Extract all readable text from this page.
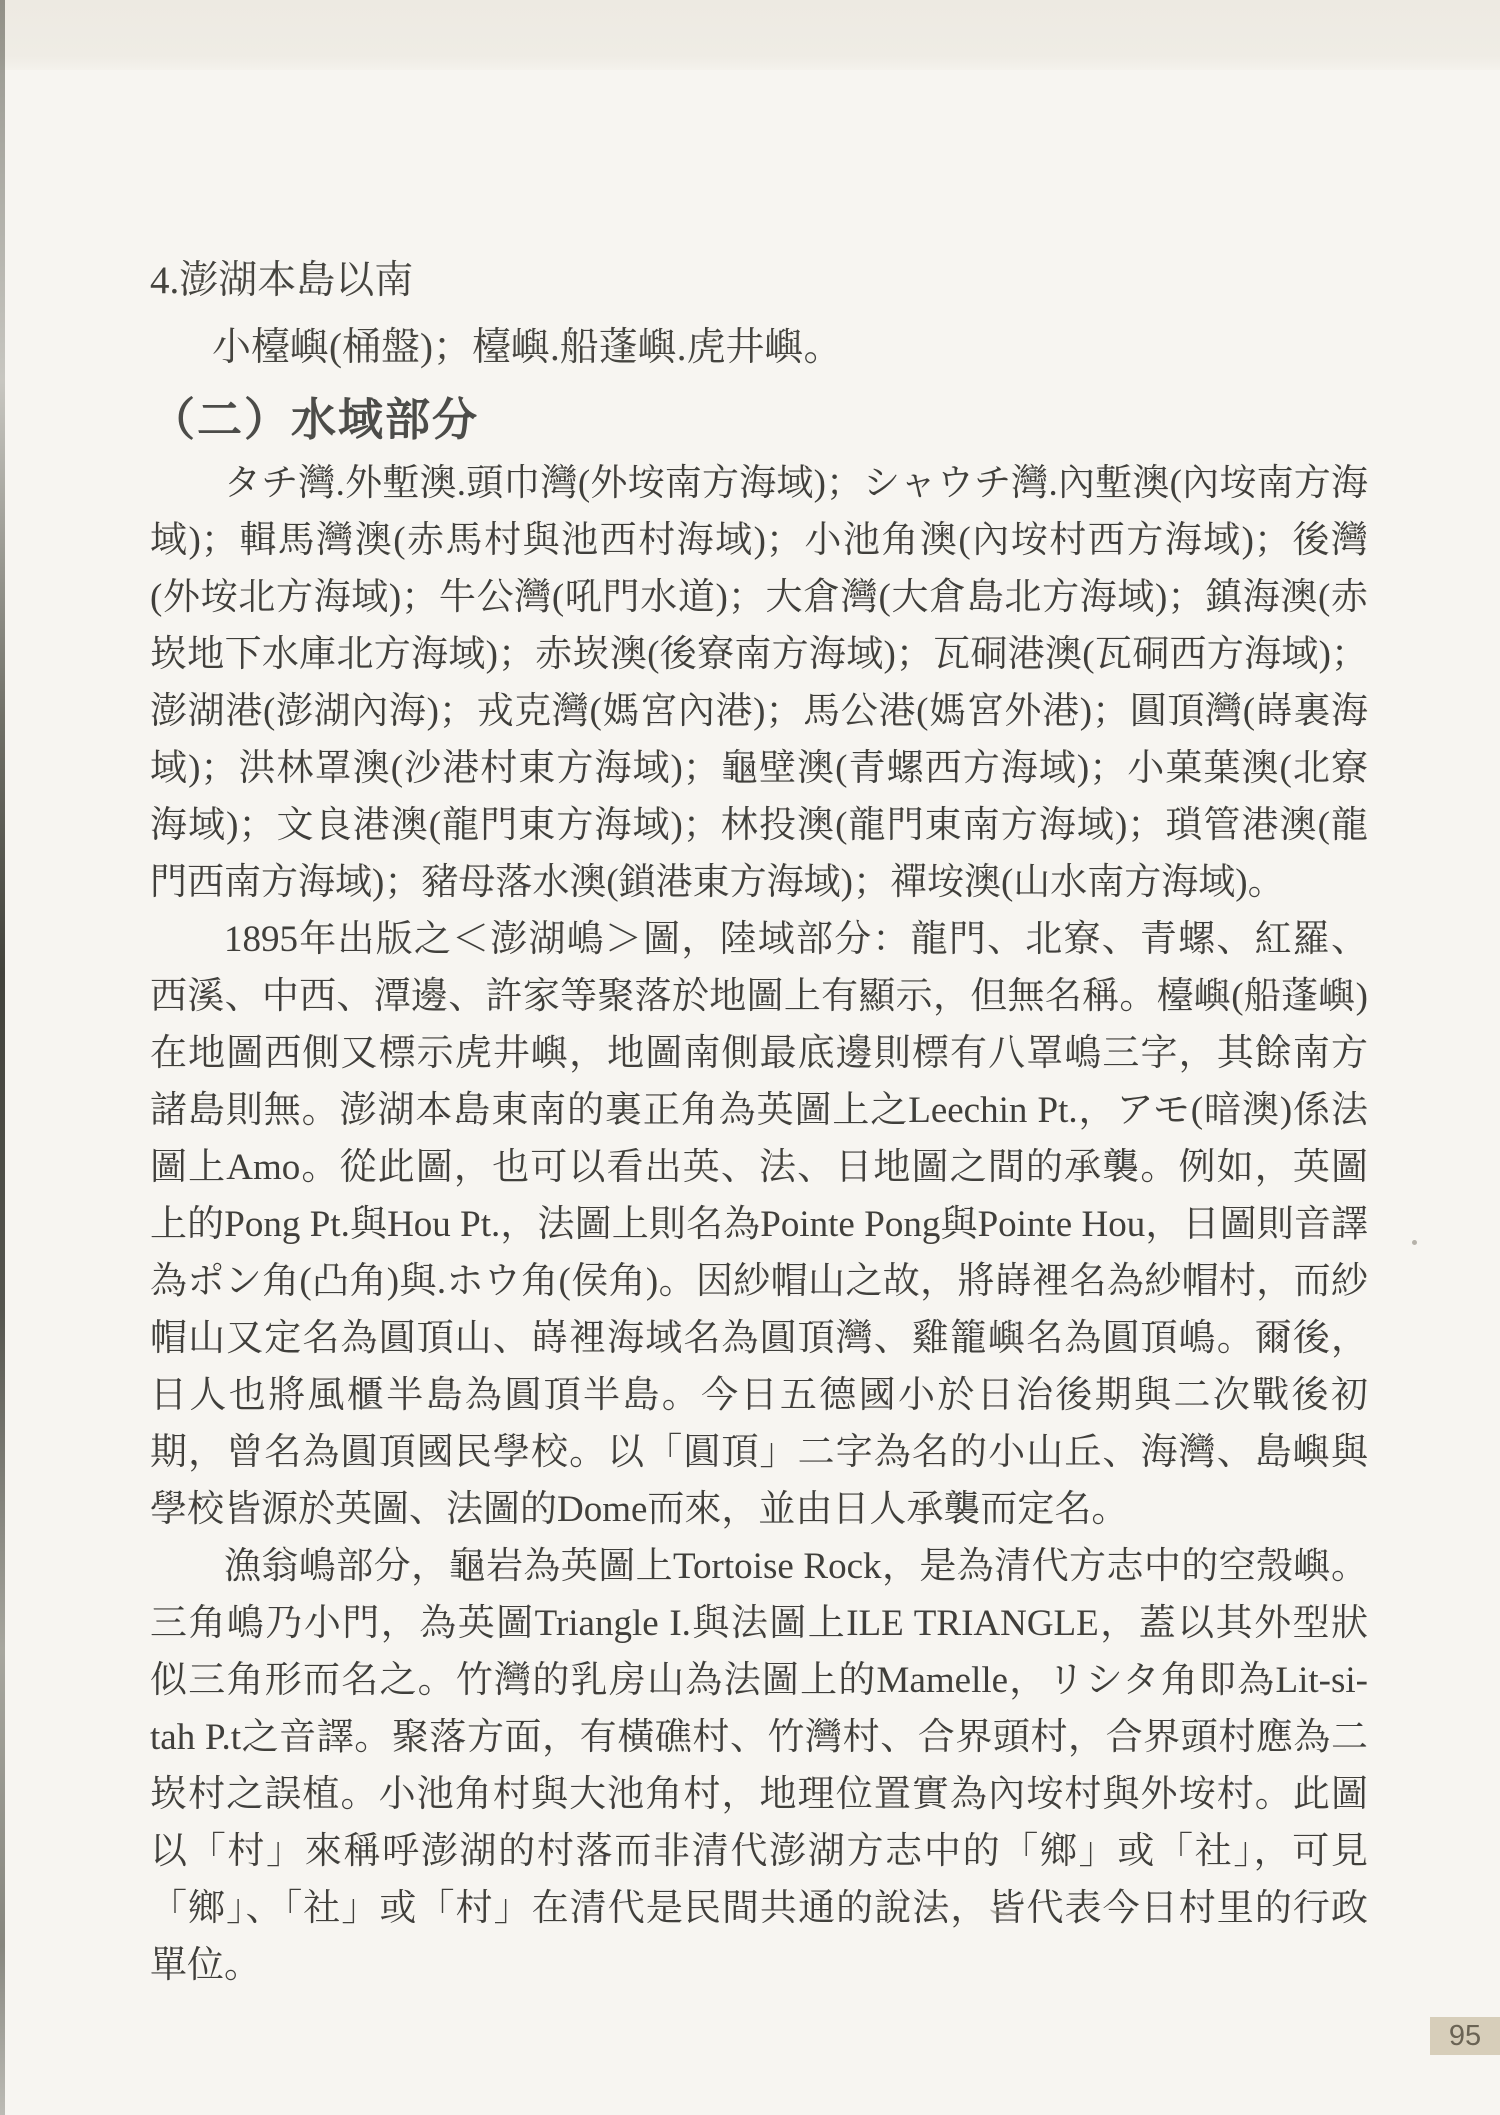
4.澎湖本島以南
小檯嶼(桶盤)；檯嶼.船蓬嶼.虎井嶼。
（二）水域部分
タチ灣.外塹澳.頭巾灣(外垵南方海域)；シャウチ灣.內塹澳(內垵南方海域)；輯馬灣澳(赤馬村與池西村海域)；小池角澳(內垵村西方海域)；後灣(外垵北方海域)；牛公灣(吼門水道)；大倉灣(大倉島北方海域)；鎮海澳(赤崁地下水庫北方海域)；赤崁澳(後寮南方海域)；瓦硐港澳(瓦硐西方海域)；澎湖港(澎湖內海)；戎克灣(媽宮內港)；馬公港(媽宮外港)；圓頂灣(嵵裏海域)；洪林罩澳(沙港村東方海域)；龜壁澳(青螺西方海域)；小菓葉澳(北寮海域)；文良港澳(龍門東方海域)；林投澳(龍門東南方海域)；瑣管港澳(龍門西南方海域)；豬母落水澳(鎖港東方海域)；禪垵澳(山水南方海域)。
1895年出版之＜澎湖嶋＞圖，陸域部分：龍門、北寮、青螺、紅羅、西溪、中西、潭邊、許家等聚落於地圖上有顯示，但無名稱。檯嶼(船蓬嶼)在地圖西側又標示虎井嶼，地圖南側最底邊則標有八罩嶋三字，其餘南方諸島則無。澎湖本島東南的裏正角為英圖上之Leechin Pt.，アモ(暗澳)係法圖上Amo。從此圖，也可以看出英、法、日地圖之間的承襲。例如，英圖上的Pong Pt.與Hou Pt.，法圖上則名為Pointe Pong與Pointe Hou，日圖則音譯為ポン角(凸角)與.ホウ角(侯角)。因紗帽山之故，將嵵裡名為紗帽村，而紗帽山又定名為圓頂山、嵵裡海域名為圓頂灣、雞籠嶼名為圓頂嶋。爾後，日人也將風櫃半島為圓頂半島。今日五德國小於日治後期與二次戰後初期，曾名為圓頂國民學校。以「圓頂」二字為名的小山丘、海灣、島嶼與學校皆源於英圖、法圖的Dome而來，並由日人承襲而定名。
漁翁嶋部分，龜岩為英圖上Tortoise Rock，是為清代方志中的空殼嶼。三角嶋乃小門，為英圖Triangle I.與法圖上ILE TRIANGLE，蓋以其外型狀似三角形而名之。竹灣的乳房山為法圖上的Mamelle，リシタ角即為Lit-si-tah P.t之音譯。聚落方面，有橫礁村、竹灣村、合界頭村，合界頭村應為二崁村之誤植。小池角村與大池角村，地理位置實為內垵村與外垵村。此圖以「村」來稱呼澎湖的村落而非清代澎湖方志中的「鄉」或「社」，可見「鄉」、「社」或「村」在清代是民間共通的說法，皆代表今日村里的行政單位。
95
